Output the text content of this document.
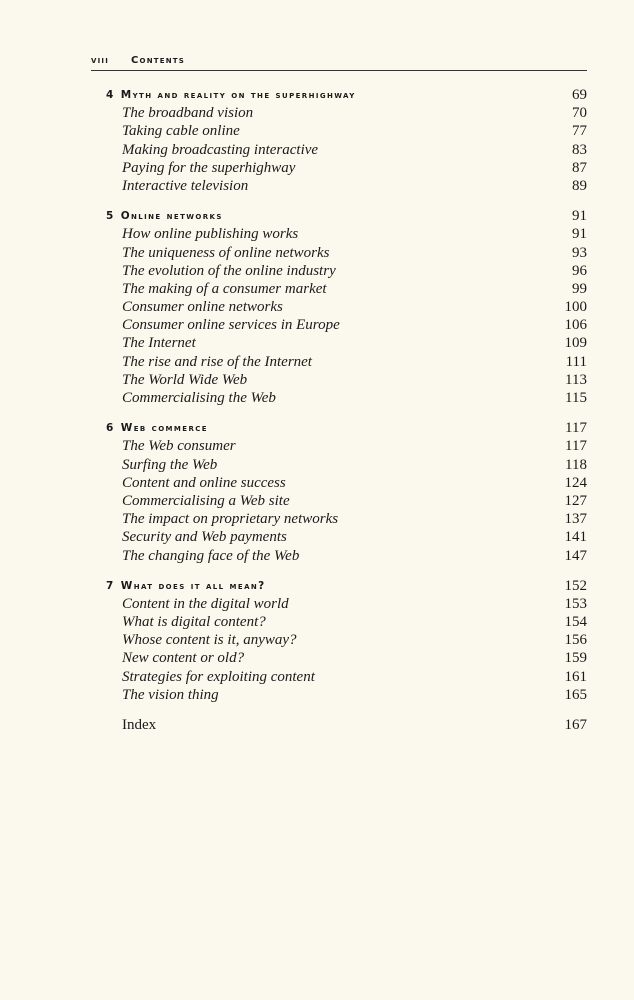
viii Contents
4 Myth and reality on the superhighway	69
The broadband vision	70
Taking cable online	77
Making broadcasting interactive	83
Paying for the superhighway	87
Interactive television	89
5 Online networks	91
How online publishing works	91
The uniqueness of online networks	93
The evolution of the online industry	96
The making of a consumer market	99
Consumer online networks	100
Consumer online services in Europe	106
The Internet	109
The rise and rise of the Internet	111
The World Wide Web	113
Commercialising the Web	115
6 Web commerce	117
The Web consumer	117
Surfing the Web	118
Content and online success	124
Commercialising a Web site	127
The impact on proprietary networks	137
Security and Web payments	141
The changing face of the Web	147
7 What does it all mean?	152
Content in the digital world	153
What is digital content?	154
Whose content is it, anyway?	156
New content or old?	159
Strategies for exploiting content	161
The vision thing	165
Index	167
